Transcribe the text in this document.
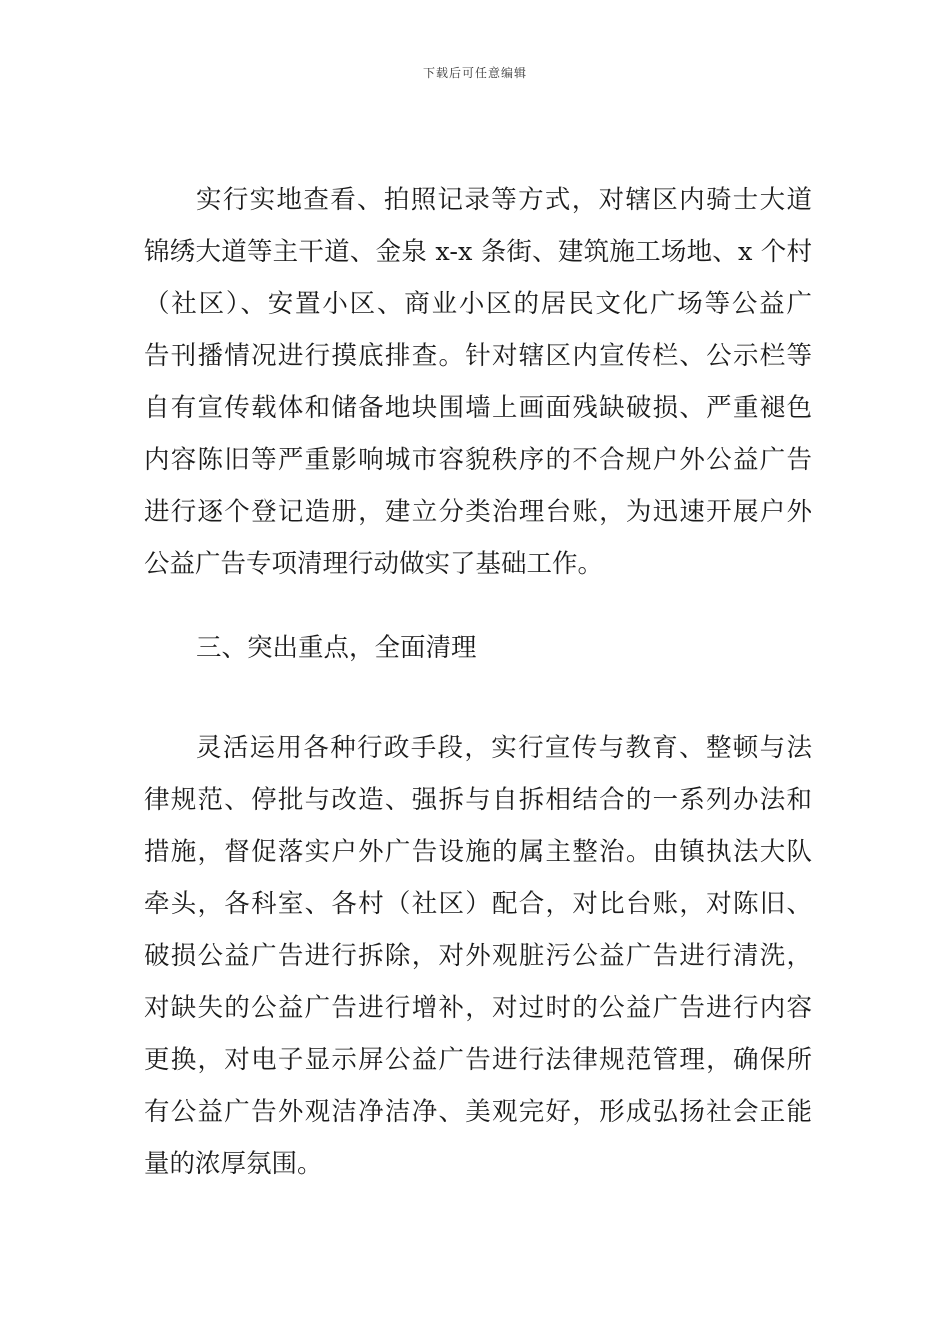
下载后可任意编辑
实行实地查看、拍照记录等方式，对辖区内骑士大道
锦绣大道等主干道、金泉 x-x 条街、建筑施工场地、x 个村
（社区）、安置小区、商业小区的居民文化广场等公益广
告刊播情况进行摸底排查。针对辖区内宣传栏、公示栏等
自有宣传载体和储备地块围墙上画面残缺破损、严重褪色
内容陈旧等严重影响城市容貌秩序的不合规户外公益广告
进行逐个登记造册，建立分类治理台账，为迅速开展户外
公益广告专项清理行动做实了基础工作。
三、突出重点，全面清理
灵活运用各种行政手段，实行宣传与教育、整顿与法
律规范、停批与改造、强拆与自拆相结合的一系列办法和
措施，督促落实户外广告设施的属主整治。由镇执法大队
牵头，各科室、各村（社区）配合，对比台账，对陈旧、
破损公益广告进行拆除，对外观脏污公益广告进行清洗，
对缺失的公益广告进行增补，对过时的公益广告进行内容
更换，对电子显示屏公益广告进行法律规范管理，确保所
有公益广告外观洁净洁净、美观完好，形成弘扬社会正能
量的浓厚氛围。
